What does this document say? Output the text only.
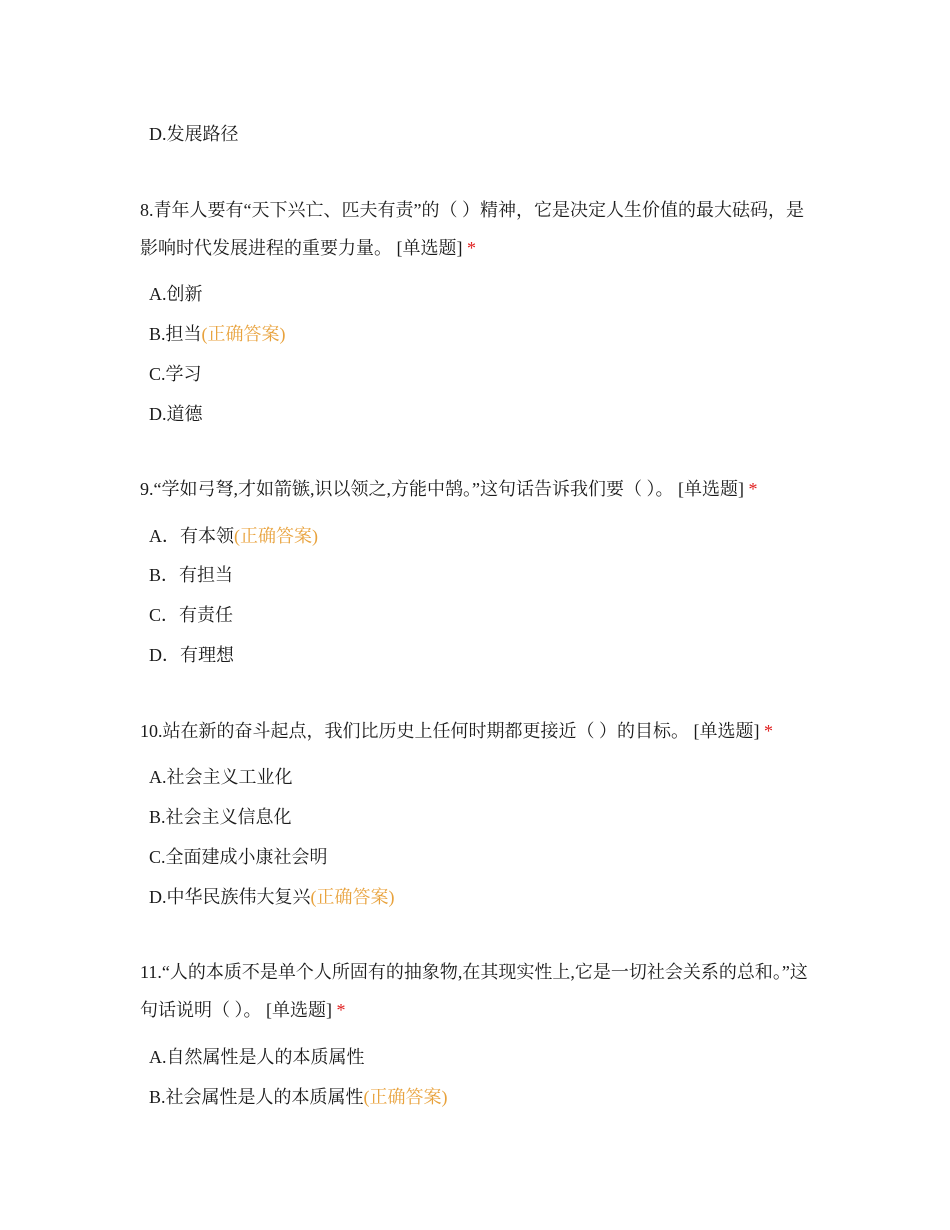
D.发展路径
8.青年人要有“天下兴亡、匹夫有责”的（ ）精神，它是决定人生价值的最大砝码，是影响时代发展进程的重要力量。 [单选题] *
A.创新
B.担当(正确答案)
C.学习
D.道德
9.“学如弓弩,才如箭镞,识以领之,方能中鹄。”这句话告诉我们要（ ）。 [单选题] *
A．有本领(正确答案)
B．有担当
C．有责任
D．有理想
10.站在新的奋斗起点，我们比历史上任何时期都更接近（ ）的目标。 [单选题] *
A.社会主义工业化
B.社会主义信息化
C.全面建成小康社会明
D.中华民族伟大复兴(正确答案)
11.“人的本质不是单个人所固有的抽象物,在其现实性上,它是一切社会关系的总和。”这句话说明（ ）。 [单选题] *
A.自然属性是人的本质属性
B.社会属性是人的本质属性(正确答案)
